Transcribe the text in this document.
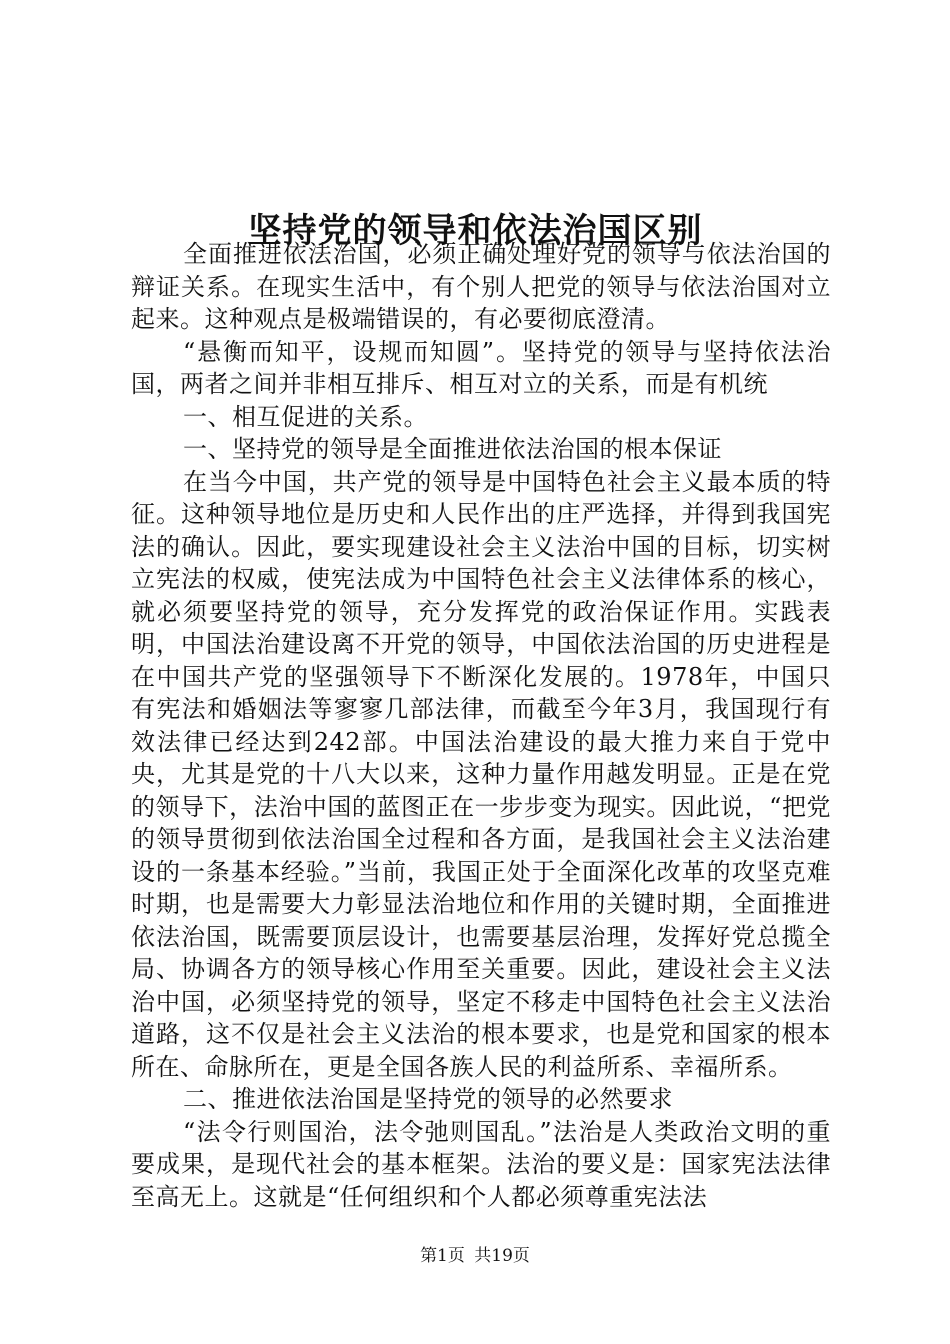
坚持党的领导和依法治国区别

全面推进依法治国，必须正确处理好党的领导与依法治国的辩证关系。在现实生活中，有个别人把党的领导与依法治国对立起来。这种观点是极端错误的，有必要彻底澄清。

“悬衡而知平，设规而知圆”。坚持党的领导与坚持依法治国，两者之间并非相互排斥、相互对立的关系，而是有机统

一、相互促进的关系。

一、坚持党的领导是全面推进依法治国的根本保证

在当今中国，共产党的领导是中国特色社会主义最本质的特征。这种领导地位是历史和人民作出的庄严选择，并得到我国宪法的确认。因此，要实现建设社会主义法治中国的目标，切实树立宪法的权威，使宪法成为中国特色社会主义法律体系的核心，就必须要坚持党的领导，充分发挥党的政治保证作用。实践表明，中国法治建设离不开党的领导，中国依法治国的历史进程是在中国共产党的坚强领导下不断深化发展的。1978年，中国只有宪法和婚姻法等寥寥几部法律，而截至今年3月，我国现行有效法律已经达到242部。中国法治建设的最大推力来自于党中央，尤其是党的十八大以来，这种力量作用越发明显。正是在党的领导下，法治中国的蓝图正在一步步变为现实。因此说，“把党的领导贯彻到依法治国全过程和各方面，是我国社会主义法治建设的一条基本经验。”当前，我国正处于全面深化改革的攻坚克难时期，也是需要大力彰显法治地位和作用的关键时期，全面推进依法治国，既需要顶层设计，也需要基层治理，发挥好党总揽全局、协调各方的领导核心作用至关重要。因此，建设社会主义法治中国，必须坚持党的领导，坚定不移走中国特色社会主义法治道路，这不仅是社会主义法治的根本要求，也是党和国家的根本所在、命脉所在，更是全国各族人民的利益所系、幸福所系。

二、推进依法治国是坚持党的领导的必然要求

“法令行则国治，法令弛则国乱。”法治是人类政治文明的重要成果，是现代社会的基本框架。法治的要义是：国家宪法法律至高无上。这就是“任何组织和个人都必须尊重宪法法

第1页 共19页
